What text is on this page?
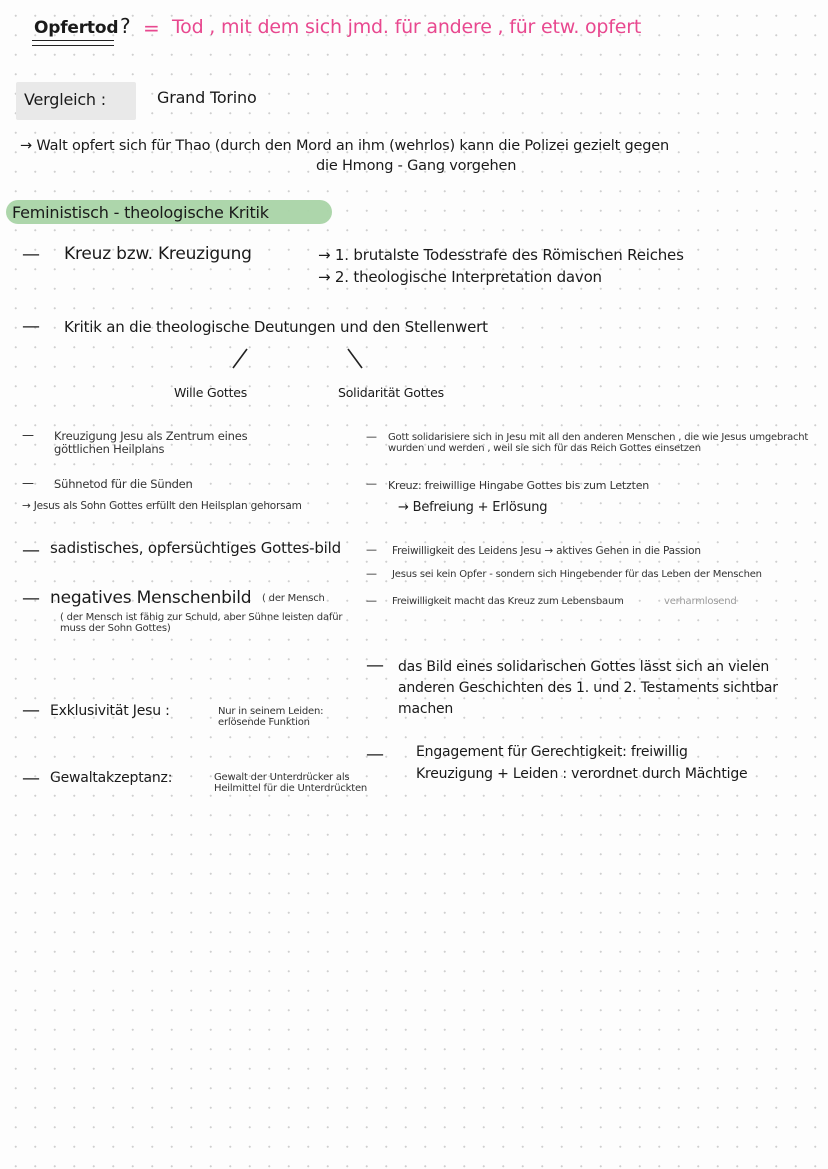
Opfertod ? = Tod , mit dem sich jmd. für andere , für etw. opfert
Vergleich :	Grand Torino
→ Walt opfert sich für Thao (durch den Mord an ihm (wehrlos) kann die Polizei gezielt gegen
die Hmong - Gang vorgehen
Feministisch - theologische Kritik
— Kreuz bzw. Kreuzigung	→ 1. brutalste Todesstrafe des Römischen Reiches
→ 2. theologische Interpretation davon
— Kritik an die theologische Deutungen und den Stellenwert
Wille Gottes	Solidarität Gottes
— Kreuzigung Jesu als Zentrum eines göttlichen Heilplans
— Sühnetod für die Sünden
→ Jesus als Sohn Gottes erfüllt den Heilsplan gehorsam
— sadistisches, opfersüchtiges Gottes-bild
— negatives Menschenbild ( der Mensch
( der Mensch ist fähig zur Schuld, aber Sühne leisten dafür muss der Sohn Gottes)
— Exklusivität Jesu :	Nur in seinem Leiden: erlösende Funktion
— Gewaltakzeptanz:	Gewalt der Unterdrücker als Heilmittel für die Unterdrückten
— Gott solidarisiere sich in Jesu mit all den anderen Menschen , die wie Jesus umgebracht wurden und werden , weil sie sich für das Reich Gottes einsetzen
— Kreuz: freiwillige Hingabe Gottes bis zum Letzten
→ Befreiung + Erlösung
— Freiwilligkeit des Leidens Jesu → aktives Gehen in die Passion
— Jesus sei kein Opfer - sondern sich Hingebender für das Leben der Menschen
— Freiwilligkeit macht das Kreuz zum Lebensbaum	verharmlosend
— das Bild eines solidarischen Gottes lässt sich an vielen anderen Geschichten des 1. und 2. Testaments sichtbar machen
— Engagement für Gerechtigkeit: freiwillig
Kreuzigung + Leiden : verordnet durch Mächtige
